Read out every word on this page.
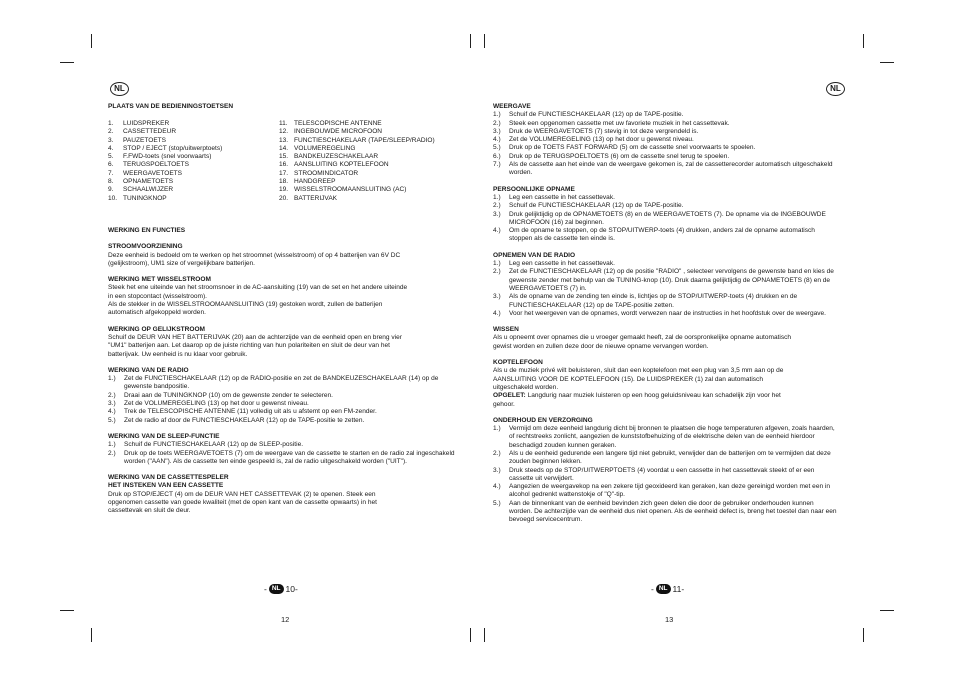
NL

PLAATS VAN DE BEDIENINGSTOETSEN

1.	LUIDSPREKER
2.	CASSETTEDEUR
3.	PAUZETOETS
4.	STOP / EJECT (stop/uitwerptoets)
5.	F.FWD-toets (snel voorwaarts)
6.	TERUGSPOELTOETS
7.	WEERGAVETOETS
8.	OPNAMETOETS
9.	SCHAALWIJZER
10. TUNINGKNOP
11. TELESCOPISCHE ANTENNE
12. INGEBOUWDE MICROFOON
13. FUNCTIESCHAKELAAR (TAPE/SLEEP/RADIO)
14. VOLUMEREGELING
15. BANDKEUZESCHAKELAAR
16. AANSLUITING KOPTELEFOON
17. STROOMINDICATOR
18. HANDGREEP
19. WISSELSTROOMAANSLUITING (AC)
20. BATTERIJVAK

WERKING EN FUNCTIES

STROOMVOORZIENING

Deze eenheid is bedoeld om te werken op het stroomnet (wisselstroom) of op 4 batterijen van 6V DC
(gelijkstroom), UM1 size of vergelijkbare batterijen.

WERKING MET WISSELSTROOM

Steek het ene uiteinde van het stroomsnoer in de AC-aansluiting (19) van de set en het andere uiteinde
in een stopcontact (wisselstroom).
Als de stekker in de WISSELSTROOMAANSLUITING (19) gestoken wordt, zullen de batterijen
automatisch afgekoppeld worden.

WERKING OP GELIJKSTROOM

Schuif de DEUR VAN HET BATTERIJVAK (20) aan de achterzijde van de eenheid open en breng vier
"UM1" batterijen aan. Let daarop op de juiste richting van hun polariteiten en sluit de deur van het
batterijvak. Uw eenheid is nu klaar voor gebruik.

WERKING VAN DE RADIO

1.)	Zet de FUNCTIESCHAKELAAR (12) op de RADIO-positie en zet de BANDKEUZESCHAKELAAR (14) op de gewenste bandpositie.
2.)	Draai aan de TUNINGKNOP (10) om de gewenste zender te selecteren.
3.)	Zet de VOLUMEREGELING (13) op het door u gewenst niveau.
4.)	Trek de TELESCOPISCHE ANTENNE (11) volledig uit als u afstemt op een FM-zender.
5.)	Zet de radio af door de FUNCTIESCHAKELAAR (12) op de TAPE-positie te zetten.

WERKING VAN DE SLEEP-FUNCTIE

1.)	Schuif de FUNCTIESCHAKELAAR (12) op de SLEEP-positie.
2.)	Druk op de toets WEERGAVETOETS (7) om de weergave van de cassette te starten en de radio zal ingeschakeld worden ("AAN"). Als de cassette ten einde gespeeld is, zal de radio uitgeschakeld worden ("UIT").

WERKING VAN DE CASSETTESPELER

HET INSTEKEN VAN EEN CASSETTE

Druk op STOP/EJECT (4) om de DEUR VAN HET CASSETTEVAK (2) te openen. Steek een
opgenomen cassette van goede kwaliteit (met de open kant van de cassette opwaarts) in het
cassettevak en sluit de deur.
- NL 10-
12
NL

WEERGAVE

1.)	Schuif de FUNCTIESCHAKELAAR (12) op de TAPE-positie.
2.)	Steek een opgenomen cassette met uw favoriete muziek in het cassettevak.
3.)	Druk de WEERGAVETOETS (7) stevig in tot deze vergrendeld is.
4.)	Zet de VOLUMEREGELING (13) op het door u gewenst niveau.
5.)	Druk op de TOETS FAST FORWARD (5) om de cassette snel voorwaarts te spoelen.
6.)	Druk op de TERUGSPOELTOETS (6) om de cassette snel terug te spoelen.
7.)	Als de cassette aan het einde van de weergave gekomen is, zal de cassetterecorder automatisch uitgeschakeld worden.

PERSOONLIJKE OPNAME

1.)	Leg een cassette in het cassettevak.
2.)	Schuif de FUNCTIESCHAKELAAR (12) op de TAPE-positie.
3.)	Druk gelijktijdig op de OPNAMETOETS (8) en de WEERGAVETOETS (7). De opname via de INGEBOUWDE MICROFOON (16) zal beginnen.
4.)	Om de opname te stoppen, op de STOP/UITWERP-toets (4) drukken, anders zal de opname automatisch stoppen als de cassette ten einde is.

OPNEMEN VAN DE RADIO

1.)	Leg een cassette in het cassettevak.
2.)	Zet de FUNCTIESCHAKELAAR (12) op de positie "RADIO" , selecteer vervolgens de gewenste band en kies de gewenste zender met behulp van de TUNING-knop (10). Druk daarna gelijktijdig de OPNAMETOETS (8) en de WEERGAVETOETS (7) in.
3.)	Als de opname van de zending ten einde is, lichtjes op de STOP/UITWERP-toets (4) drukken en de FUNCTIESCHAKELAAR (12) op de TAPE-positie zetten.
4.)	Voor het weergeven van de opnames, wordt verwezen naar de instructies in het hoofdstuk over de weergave.

WISSEN

Als u opneemt over opnames die u vroeger gemaakt heeft, zal de oorspronkelijke opname automatisch
gewist worden en zullen deze door de nieuwe opname vervangen worden.

KOPTELEFOON

Als u de muziek privé wilt beluisteren, sluit dan een koptelefoon met een plug van 3,5 mm aan op de
AANSLUITING VOOR DE KOPTELEFOON (15). De LUIDSPREKER (1) zal dan automatisch
uitgeschakeld worden.

OPGELET: Langdurig naar muziek luisteren op een hoog geluidsniveau kan schadelijk zijn voor het
gehoor.

ONDERHOUD EN VERZORGING

1.)	Vermijd om deze eenheid langdurig dicht bij bronnen te plaatsen die hoge temperaturen afgeven, zoals haarden, of rechtstreeks zonlicht, aangezien de kunststofbehuizing of de elektrische delen van de eenheid hierdoor beschadigd zouden kunnen geraken.
2.)	Als u de eenheid gedurende een langere tijd niet gebruikt, verwijder dan de batterijen om te vermijden dat deze zouden beginnen lekken.
3.)	Druk steeds op de STOP/UITWERPTOETS (4) voordat u een cassette in het cassettevak steekt of er een cassette uit verwijdert.
4.)	Aangezien de weergavekop na een zekere tijd geoxideerd kan geraken, kan deze gereinigd worden met een in alcohol gedrenkt wattenstokje of "Q"-tip.
5.)	Aan de binnenkant van de eenheid bevinden zich geen delen die door de gebruiker onderhouden kunnen worden. De achterzijde van de eenheid dus niet openen. Als de eenheid defect is, breng het toestel dan naar een bevoegd servicecentrum.
- NL 11-
13
